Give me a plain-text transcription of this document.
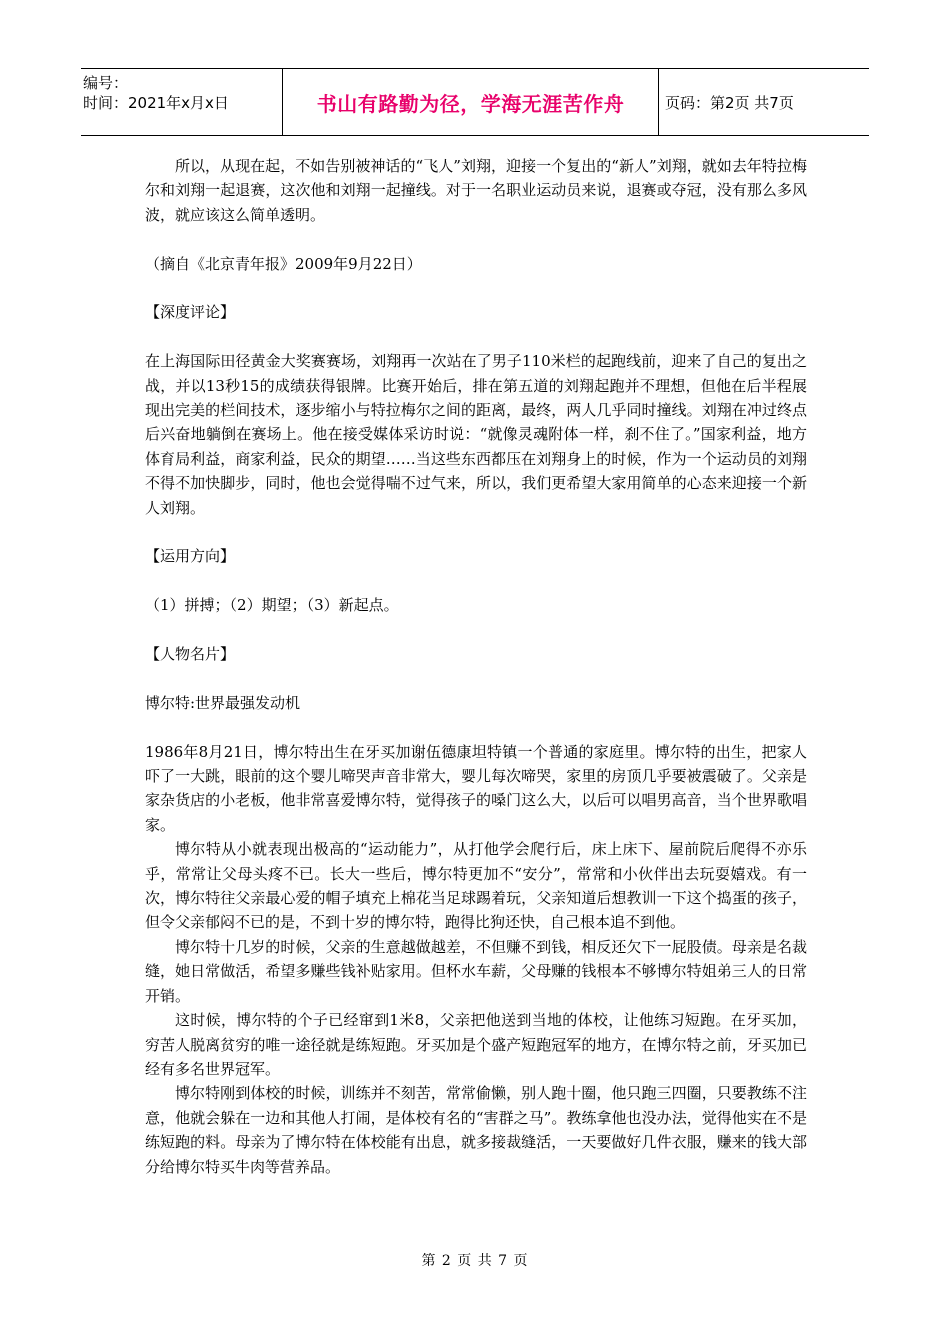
编号：
时间：2021年x月x日	书山有路勤为径，学海无涯苦作舟	页码：第2页 共7页

所以，从现在起，不如告别被神话的“飞人”刘翔，迎接一个复出的“新人”刘翔，就如去年特拉梅尔和刘翔一起退赛，这次他和刘翔一起撞线。对于一名职业运动员来说，退赛或夺冠，没有那么多风波，就应该这么简单透明。

（摘自《北京青年报》2009年9月22日）

【深度评论】

在上海国际田径黄金大奖赛赛场，刘翔再一次站在了男子110米栏的起跑线前，迎来了自己的复出之战，并以13秒15的成绩获得银牌。比赛开始后，排在第五道的刘翔起跑并不理想，但他在后半程展现出完美的栏间技术，逐步缩小与特拉梅尔之间的距离，最终，两人几乎同时撞线。刘翔在冲过终点后兴奋地躺倒在赛场上。他在接受媒体采访时说：“就像灵魂附体一样，刹不住了。”国家利益，地方体育局利益，商家利益，民众的期望……当这些东西都压在刘翔身上的时候，作为一个运动员的刘翔不得不加快脚步，同时，他也会觉得喘不过气来，所以，我们更希望大家用简单的心态来迎接一个新人刘翔。

【运用方向】

（1）拼搏；（2）期望；（3）新起点。

【人物名片】

博尔特:世界最强发动机

1986年8月21日，博尔特出生在牙买加谢伍德康坦特镇一个普通的家庭里。博尔特的出生，把家人吓了一大跳，眼前的这个婴儿啼哭声音非常大，婴儿每次啼哭，家里的房顶几乎要被震破了。父亲是家杂货店的小老板，他非常喜爱博尔特，觉得孩子的嗓门这么大，以后可以唱男高音，当个世界歌唱家。

博尔特从小就表现出极高的“运动能力”，从打他学会爬行后，床上床下、屋前院后爬得不亦乐乎，常常让父母头疼不已。长大一些后，博尔特更加不“安分”，常常和小伙伴出去玩耍嬉戏。有一次，博尔特往父亲最心爱的帽子填充上棉花当足球踢着玩，父亲知道后想教训一下这个捣蛋的孩子，但令父亲郁闷不已的是，不到十岁的博尔特，跑得比狗还快，自己根本追不到他。

博尔特十几岁的时候，父亲的生意越做越差，不但赚不到钱，相反还欠下一屁股债。母亲是名裁缝，她日常做活，希望多赚些钱补贴家用。但杯水车薪，父母赚的钱根本不够博尔特姐弟三人的日常开销。

这时候，博尔特的个子已经窜到1米8，父亲把他送到当地的体校，让他练习短跑。在牙买加，穷苦人脱离贫穷的唯一途径就是练短跑。牙买加是个盛产短跑冠军的地方，在博尔特之前，牙买加已经有多名世界冠军。

博尔特刚到体校的时候，训练并不刻苦，常常偷懒，别人跑十圈，他只跑三四圈，只要教练不注意，他就会躲在一边和其他人打闹，是体校有名的“害群之马”。教练拿他也没办法，觉得他实在不是练短跑的料。母亲为了博尔特在体校能有出息，就多接裁缝活，一天要做好几件衣服，赚来的钱大部分给博尔特买牛肉等营养品。

第 2 页 共 7 页
